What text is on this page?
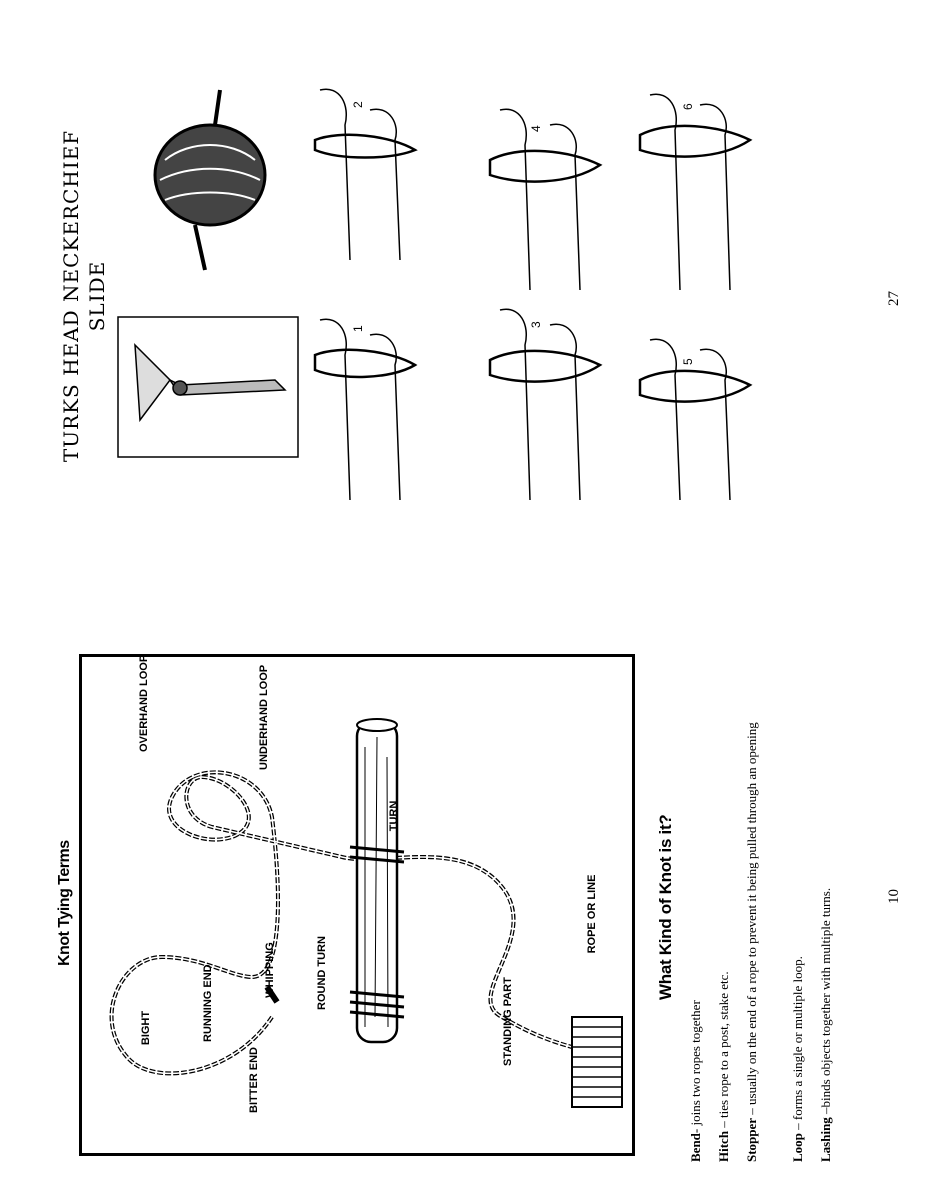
OVERHAND LOOP	UNDERHAND LOOP
TURN
ROPE OR LINE
ROUND TURN
WHIPPING
RUNNING END
BIGHT
BITTER END
STANDING PART
Knot Tying Terms	What Kind of Knot is it?
Bend- joins two ropes together
Hitch – ties rope to a post, stake etc.
Stopper – usually on the end of a rope to prevent it being pulled through an opening
Loop – forms a single or multiple loop.
Lashing –binds objects together with multiple turns.	10
TURKS HEAD NECKERCHIEF SLIDE
2
1
4
3
6
5
27
